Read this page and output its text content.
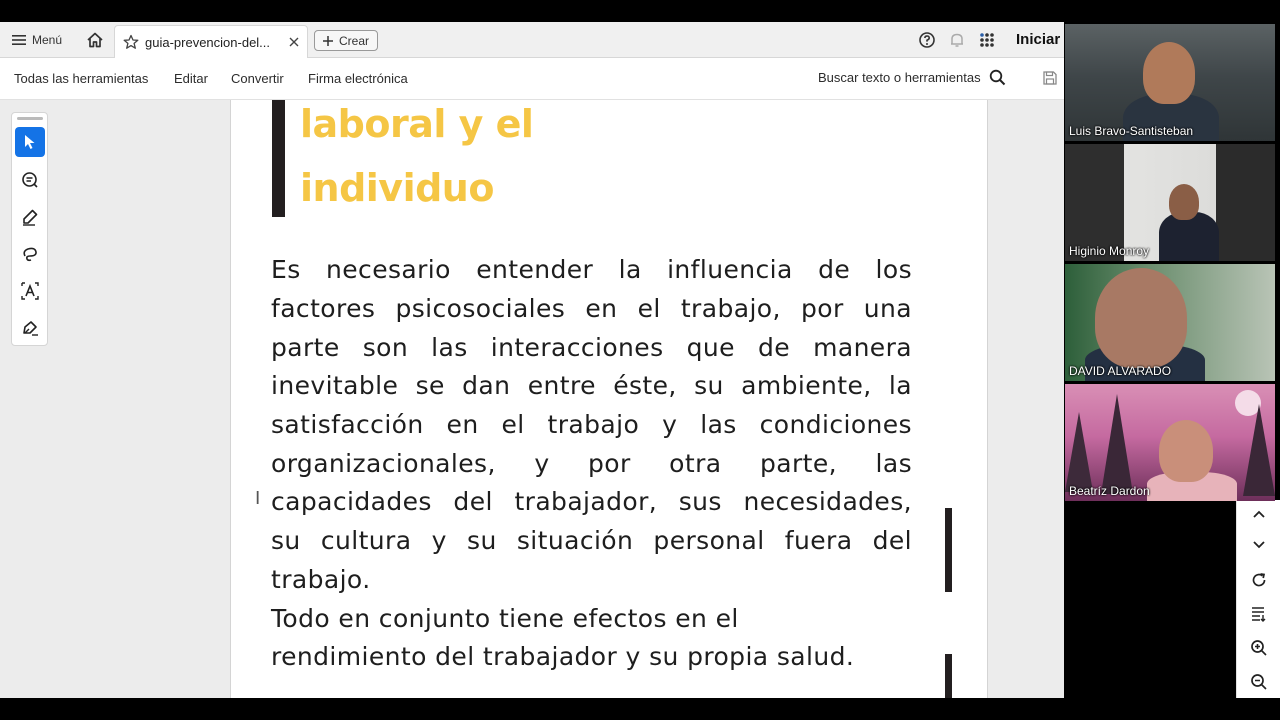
Menú	guia-prevencion-del...	Crear	Iniciar
Todas las herramientas Editar Convertir Firma electrónica	Buscar texto o herramientas
laboral y el
individuo
Es necesario entender la influencia de los
factores psicosociales en el trabajo, por una
parte son las interacciones que de manera
inevitable se dan entre éste, su ambiente, la
satisfacción en el trabajo y las condiciones
organizacionales, y por otra parte, las
capacidades del trabajador, sus necesidades,
su cultura y su situación personal fuera del
trabajo.
Todo en conjunto tiene efectos en el
rendimiento del trabajador y su propia salud.
I
Luis Bravo-Santisteban
Higinio Monroy
DAVID ALVARADO
Beatríz Dardon
